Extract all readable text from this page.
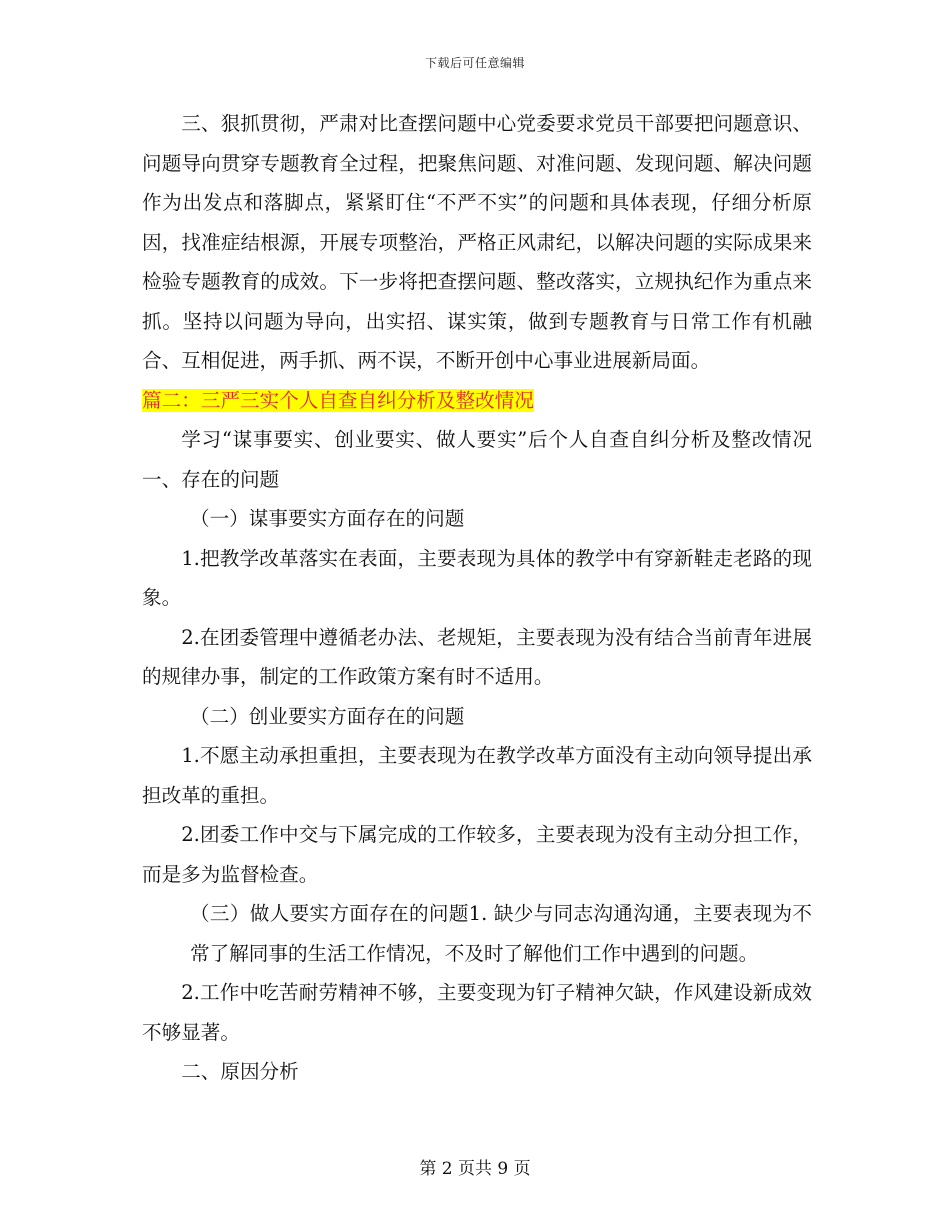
下载后可任意编辑

三、狠抓贯彻，严肃对比查摆问题中心党委要求党员干部要把问题意识、问题导向贯穿专题教育全过程，把聚焦问题、对准问题、发现问题、解决问题作为出发点和落脚点，紧紧盯住“不严不实”的问题和具体表现，仔细分析原因，找准症结根源，开展专项整治，严格正风肃纪，以解决问题的实际成果来检验专题教育的成效。下一步将把查摆问题、整改落实，立规执纪作为重点来抓。坚持以问题为导向，出实招、谋实策，做到专题教育与日常工作有机融合、互相促进，两手抓、两不误，不断开创中心事业进展新局面。

篇二：三严三实个人自查自纠分析及整改情况

学习“谋事要实、创业要实、做人要实”后个人自查自纠分析及整改情况一、存在的问题

（一）谋事要实方面存在的问题

1.把教学改革落实在表面，主要表现为具体的教学中有穿新鞋走老路的现象。

2.在团委管理中遵循老办法、老规矩，主要表现为没有结合当前青年进展的规律办事，制定的工作政策方案有时不适用。

（二）创业要实方面存在的问题

1.不愿主动承担重担，主要表现为在教学改革方面没有主动向领导提出承担改革的重担。

2.团委工作中交与下属完成的工作较多，主要表现为没有主动分担工作，而是多为监督检查。

（三）做人要实方面存在的问题1. 缺少与同志沟通沟通，主要表现为不常了解同事的生活工作情况，不及时了解他们工作中遇到的问题。

2.工作中吃苦耐劳精神不够，主要变现为钉子精神欠缺，作风建设新成效不够显著。

二、原因分析

第 2 页共 9 页
